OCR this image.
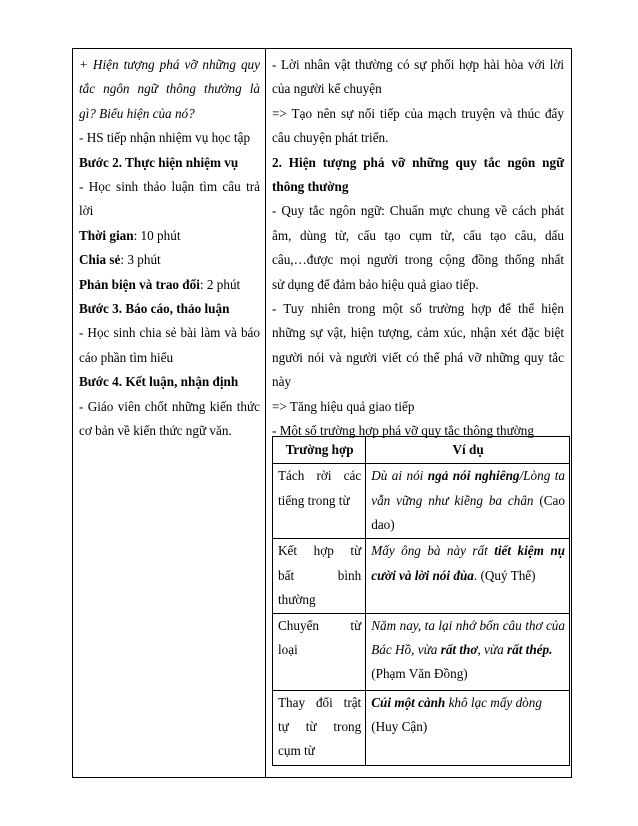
+ Hiện tượng phá vỡ những quy
tắc ngôn ngữ thông thường là
gì? Biểu hiện của nó?
- HS tiếp nhận nhiệm vụ học tập
Bước 2. Thực hiện nhiệm vụ
- Học sinh thảo luận tìm câu trả
lời
Thời gian: 10 phút
Chia sẻ: 3 phút
Phản biện và trao đổi: 2 phút
Bước 3. Báo cáo, thảo luận
- Học sinh chia sẻ bài làm và báo
cáo phần tìm hiểu
Bước 4. Kết luận, nhận định
- Giáo viên chốt những kiến thức
cơ bản về kiến thức ngữ văn.
- Lời nhân vật thường có sự phối hợp hài hòa với lời
của người kể chuyện
=> Tạo nên sự nối tiếp của mạch truyện và thúc đẩy
câu chuyện phát triển.
2. Hiện tượng phá vỡ những quy tắc ngôn ngữ
thông thường
- Quy tắc ngôn ngữ: Chuẩn mực chung về cách phát
âm, dùng từ, cấu tạo cụm từ, cấu tạo câu, dấu
câu,…được mọi người trong cộng đồng thống nhất
sử dụng để đảm bảo hiệu quả giao tiếp.
- Tuy nhiên trong một số trường hợp để thể hiện
những sự vật, hiện tượng, cảm xúc, nhận xét đặc biệt
người nói và người viết có thể phá vỡ những quy tắc
này
=> Tăng hiệu quả giao tiếp
- Một số trường hợp phá vỡ quy tắc thông thường
Trường hợp	Ví dụ

Tách rời các
tiếng trong từ	Dù ai nói ngả nói nghiêng/Lòng ta
vẫn vững như kiềng ba chân (Cao
dao)

Kết hợp từ
bất bình
thường	Mấy ông bà này rất tiết kiệm nụ
cười và lời nói đùa. (Quý Thể)

Chuyển từ
loại	Năm nay, ta lại nhớ bốn câu thơ của
Bác Hồ, vừa rất thơ, vừa rất thép.
(Phạm Văn Đồng)

Thay đổi trật
tự từ trong
cụm từ	Cúi một cành khô lạc mấy dòng
(Huy Cận)
